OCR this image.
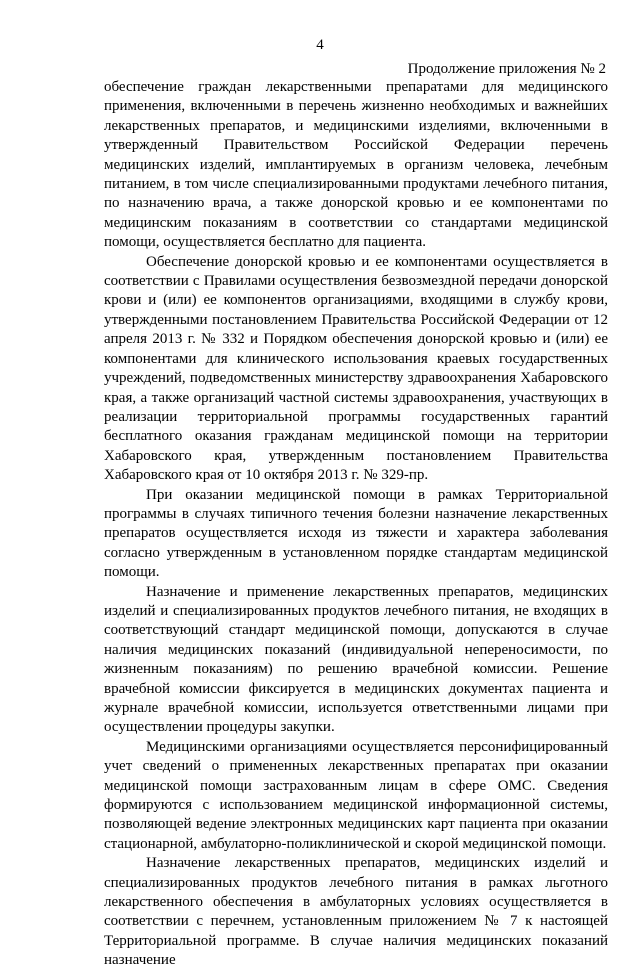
4
Продолжение приложения № 2

обеспечение граждан лекарственными препаратами для медицинского применения, включенными в перечень жизненно необходимых и важнейших лекарственных препаратов, и медицинскими изделиями, включенными в утвержденный Правительством Российской Федерации перечень медицинских изделий, имплантируемых в организм человека, лечебным питанием, в том числе специализированными продуктами лечебного питания, по назначению врача, а также донорской кровью и ее компонентами по медицинским показаниям в соответствии со стандартами медицинской помощи, осуществляется бесплатно для пациента.

Обеспечение донорской кровью и ее компонентами осуществляется в соответствии с Правилами осуществления безвозмездной передачи донорской крови и (или) ее компонентов организациями, входящими в службу крови, утвержденными постановлением Правительства Российской Федерации от 12 апреля 2013 г. № 332 и Порядком обеспечения донорской кровью и (или) ее компонентами для клинического использования краевых государственных учреждений, подведомственных министерству здравоохранения Хабаровского края, а также организаций частной системы здравоохранения, участвующих в реализации территориальной программы государственных гарантий бесплатного оказания гражданам медицинской помощи на территории Хабаровского края, утвержденным постановлением Правительства Хабаровского края от 10 октября 2013 г. № 329-пр.

При оказании медицинской помощи в рамках Территориальной программы в случаях типичного течения болезни назначение лекарственных препаратов осуществляется исходя из тяжести и характера заболевания согласно утвержденным в установленном порядке стандартам медицинской помощи.

Назначение и применение лекарственных препаратов, медицинских изделий и специализированных продуктов лечебного питания, не входящих в соответствующий стандарт медицинской помощи, допускаются в случае наличия медицинских показаний (индивидуальной непереносимости, по жизненным показаниям) по решению врачебной комиссии. Решение врачебной комиссии фиксируется в медицинских документах пациента и журнале врачебной комиссии, используется ответственными лицами при осуществлении процедуры закупки.

Медицинскими организациями осуществляется персонифицированный учет сведений о примененных лекарственных препаратах при оказании медицинской помощи застрахованным лицам в сфере ОМС. Сведения формируются с использованием медицинской информационной системы, позволяющей ведение электронных медицинских карт пациента при оказании стационарной, амбулаторно-поликлинической и скорой медицинской помощи.

Назначение лекарственных препаратов, медицинских изделий и специализированных продуктов лечебного питания в рамках льготного лекарственного обеспечения в амбулаторных условиях осуществляется в соответствии с перечнем, установленным приложением № 7 к настоящей Территориальной программе. В случае наличия медицинских показаний назначение
